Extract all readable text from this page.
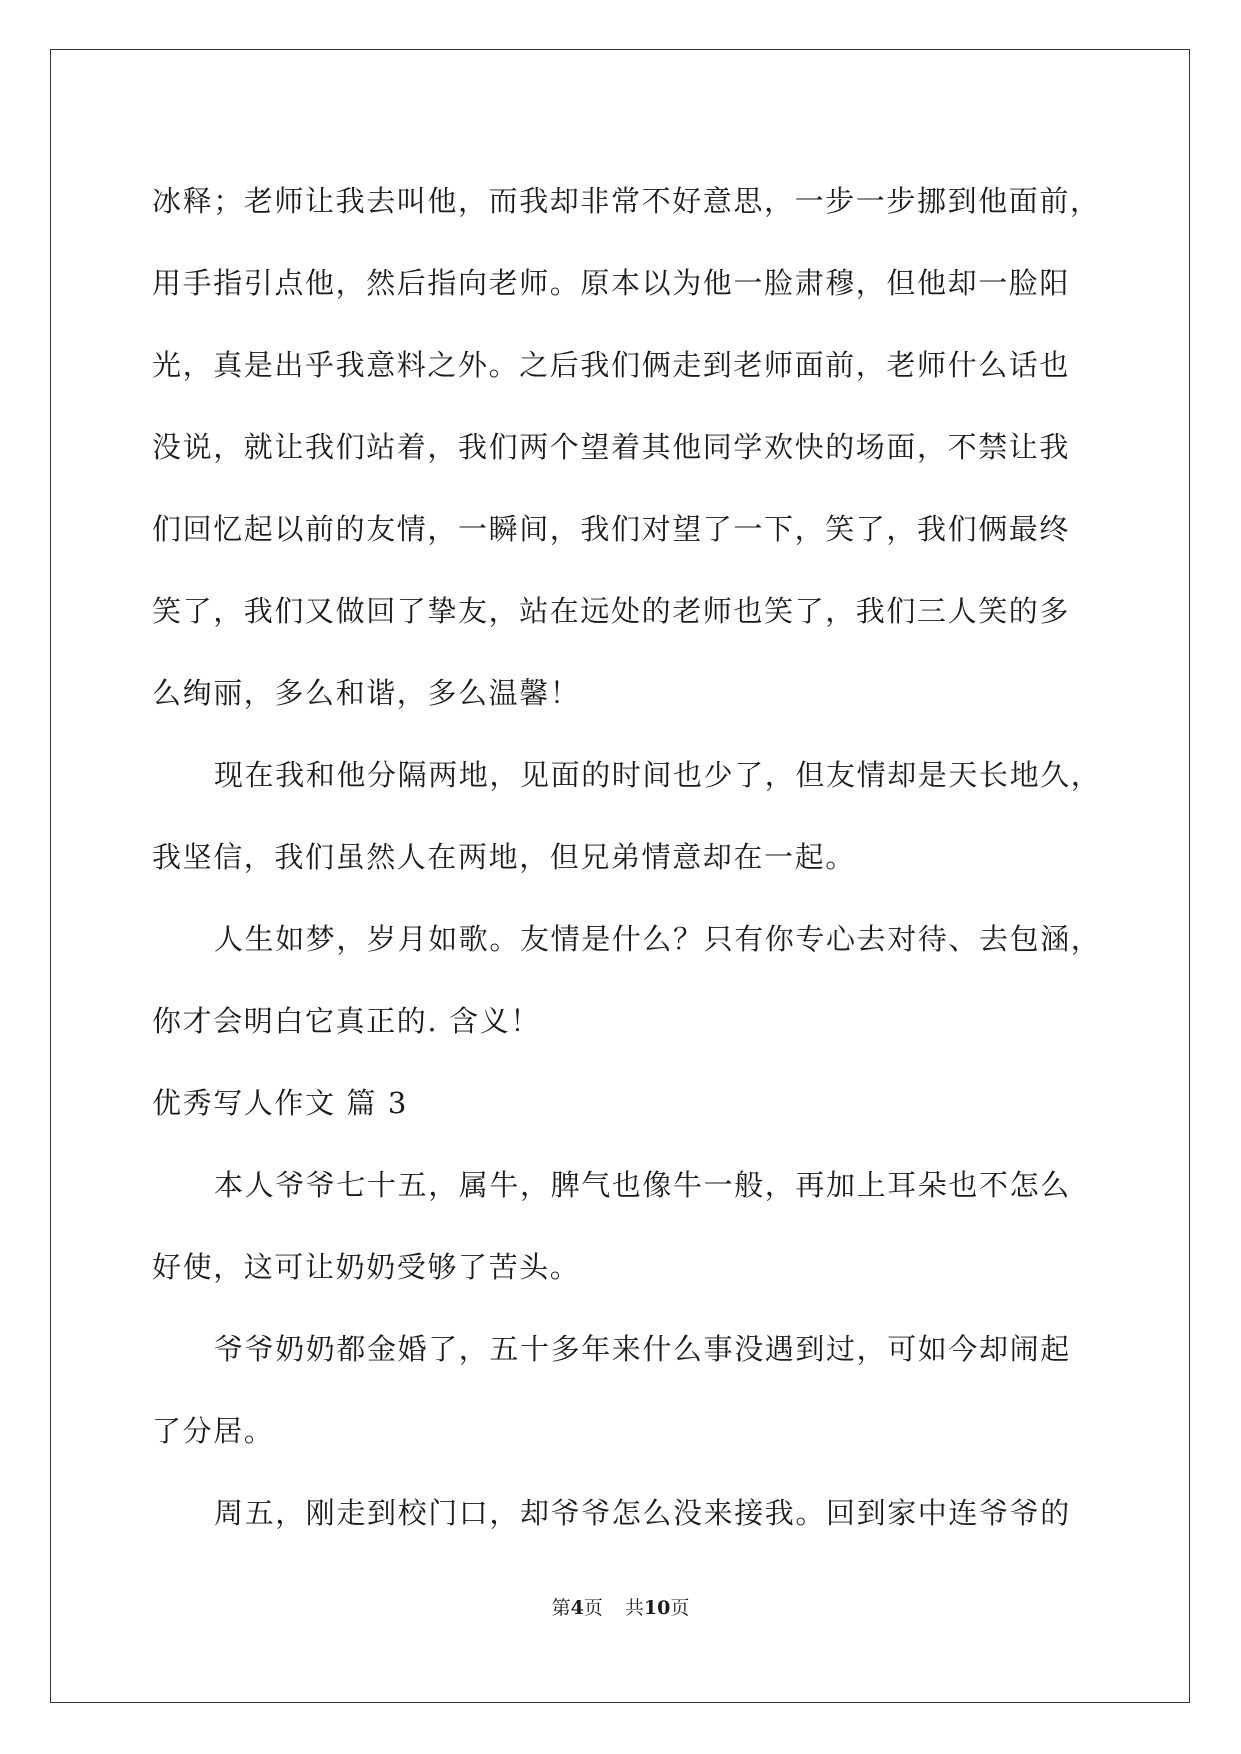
冰释；老师让我去叫他，而我却非常不好意思，一步一步挪到他面前，
用手指引点他，然后指向老师。原本以为他一脸肃穆，但他却一脸阳
光，真是出乎我意料之外。之后我们俩走到老师面前，老师什么话也
没说，就让我们站着，我们两个望着其他同学欢快的场面，不禁让我
们回忆起以前的友情，一瞬间，我们对望了一下，笑了，我们俩最终
笑了，我们又做回了挚友，站在远处的老师也笑了，我们三人笑的多
么绚丽，多么和谐，多么温馨！
现在我和他分隔两地，见面的时间也少了，但友情却是天长地久，
我坚信，我们虽然人在两地，但兄弟情意却在一起。
人生如梦，岁月如歌。友情是什么？只有你专心去对待、去包涵，
你才会明白它真正的. 含义！
优秀写人作文 篇 3
本人爷爷七十五，属牛，脾气也像牛一般，再加上耳朵也不怎么
好使，这可让奶奶受够了苦头。
爷爷奶奶都金婚了，五十多年来什么事没遇到过，可如今却闹起
了分居。
周五，刚走到校门口，却爷爷怎么没来接我。回到家中连爷爷的
第4页 共10页
